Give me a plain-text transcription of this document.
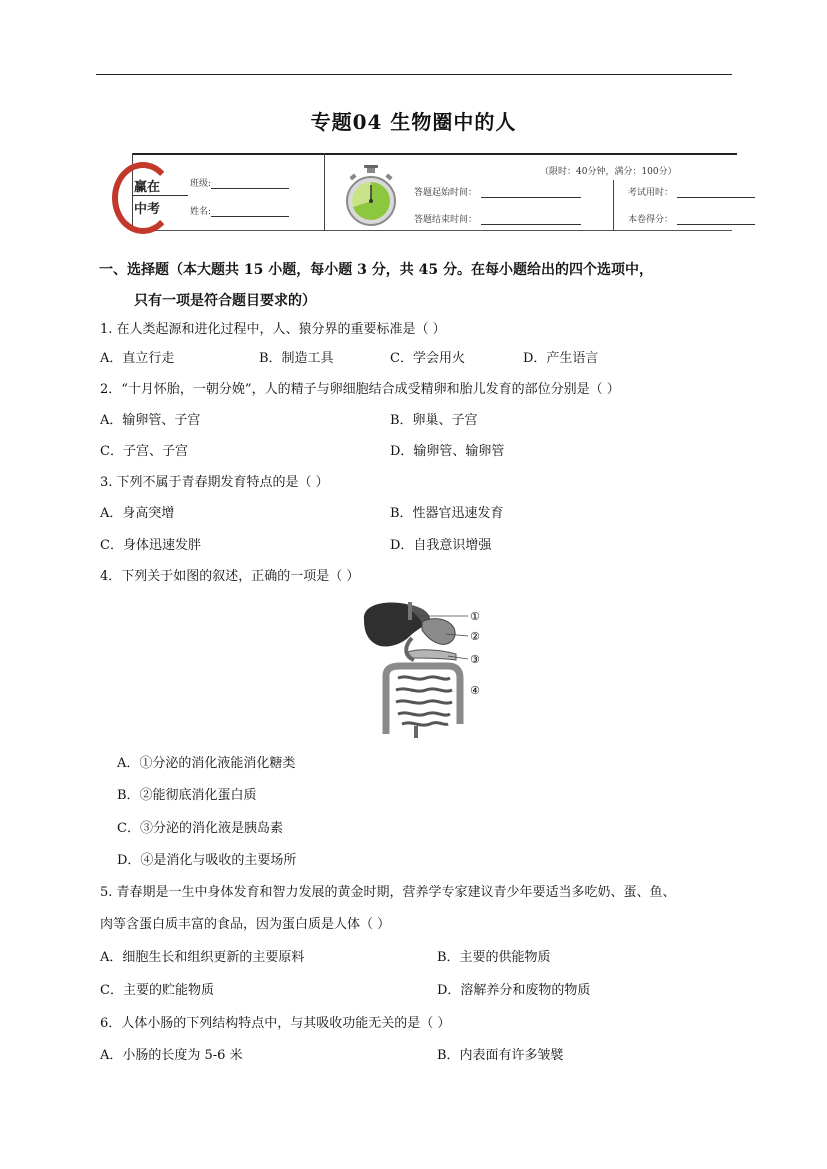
专题04 生物圈中的人
赢在
中考
班级:
姓名:
（限时：40分钟，满分：100分）
答题起始时间：
答题结束时间：
考试用时：
本卷得分：
一、选择题（本大题共 15 小题，每小题 3 分，共 45 分。在每小题给出的四个选项中，
只有一项是符合题目要求的）
1. 在人类起源和进化过程中，人、猿分界的重要标准是（ ）
A．直立行走	B．制造工具	C．学会用火	D．产生语言
2．“十月怀胎，一朝分娩”，人的精子与卵细胞结合成受精卵和胎儿发育的部位分别是（ ）
A．输卵管、子宫	B．卵巢、子宫
C．子宫、子宫	D．输卵管、输卵管
3. 下列不属于青春期发育特点的是（ ）
A．身高突增	B．性器官迅速发育
C．身体迅速发胖	D．自我意识增强
4．下列关于如图的叙述，正确的一项是（ ）
①
②
③
④
A．①分泌的消化液能消化糖类
B．②能彻底消化蛋白质
C．③分泌的消化液是胰岛素
D．④是消化与吸收的主要场所
5. 青春期是一生中身体发育和智力发展的黄金时期，营养学专家建议青少年要适当多吃奶、蛋、鱼、
肉等含蛋白质丰富的食品，因为蛋白质是人体（ ）
A．细胞生长和组织更新的主要原料	B．主要的供能物质
C．主要的贮能物质	D．溶解养分和废物的物质
6．人体小肠的下列结构特点中，与其吸收功能无关的是（ ）
A．小肠的长度为 5-6 米	B．内表面有许多皱襞
